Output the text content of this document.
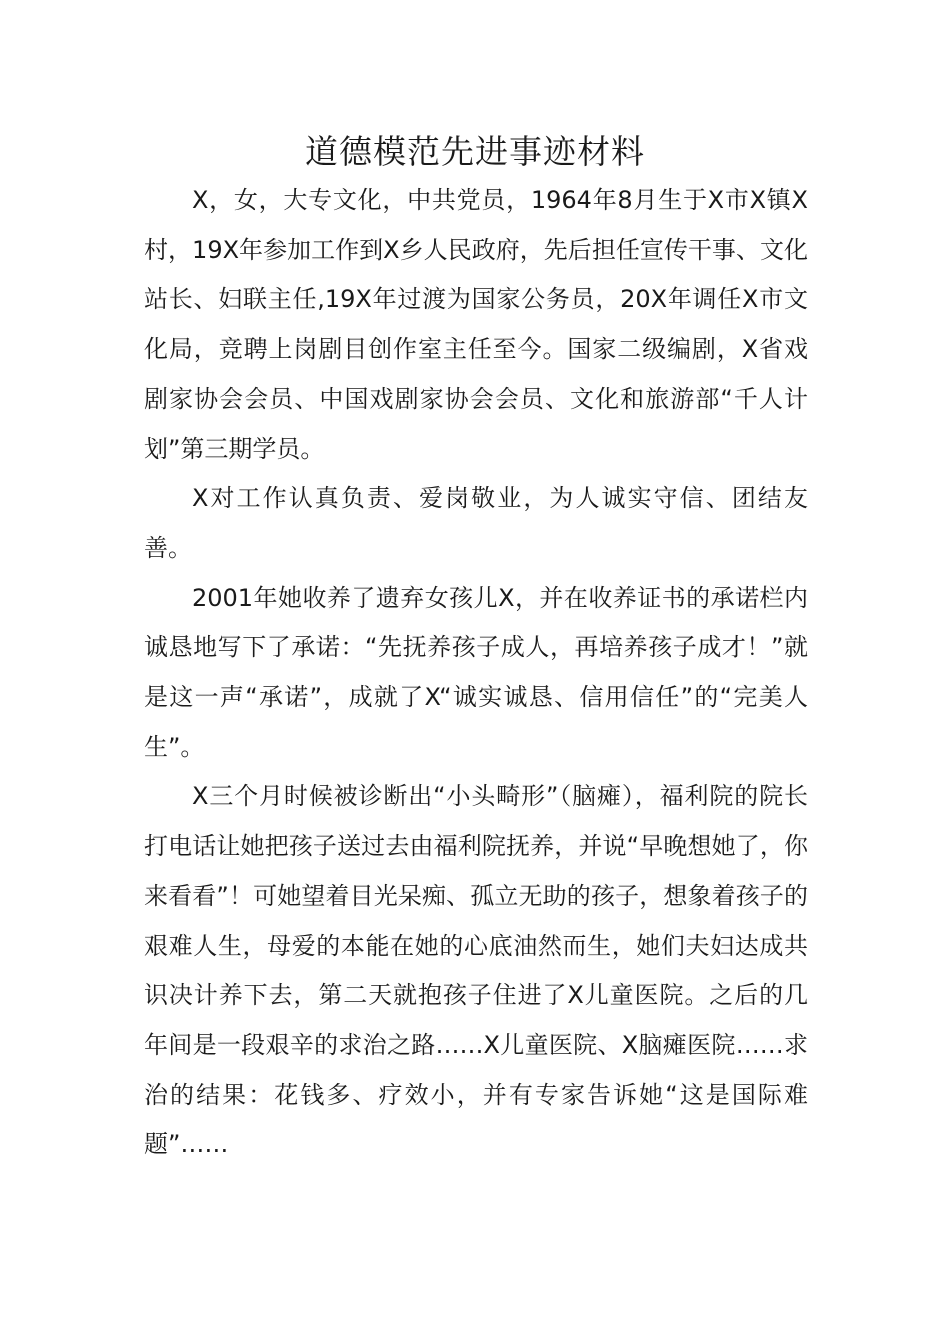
道德模范先进事迹材料

X，女，大专文化，中共党员，1964年8月生于X市X镇X村，19X年参加工作到X乡人民政府，先后担任宣传干事、文化站长、妇联主任,19X年过渡为国家公务员，20X年调任X市文化局，竞聘上岗剧目创作室主任至今。国家二级编剧，X省戏剧家协会会员、中国戏剧家协会会员、文化和旅游部“千人计划”第三期学员。

X对工作认真负责、爱岗敬业，为人诚实守信、团结友善。

2001年她收养了遗弃女孩儿X，并在收养证书的承诺栏内诚恳地写下了承诺：“先抚养孩子成人，再培养孩子成才！”就是这一声“承诺”，成就了X“诚实诚恳、信用信任”的“完美人生”。

X三个月时候被诊断出“小头畸形”（脑瘫），福利院的院长打电话让她把孩子送过去由福利院抚养，并说“早晚想她了，你来看看”！可她望着目光呆痴、孤立无助的孩子，想象着孩子的艰难人生，母爱的本能在她的心底油然而生，她们夫妇达成共识决计养下去，第二天就抱孩子住进了X儿童医院。之后的几年间是一段艰辛的求治之路……X儿童医院、X脑瘫医院……求治的结果：花钱多、疗效小，并有专家告诉她“这是国际难题”……
